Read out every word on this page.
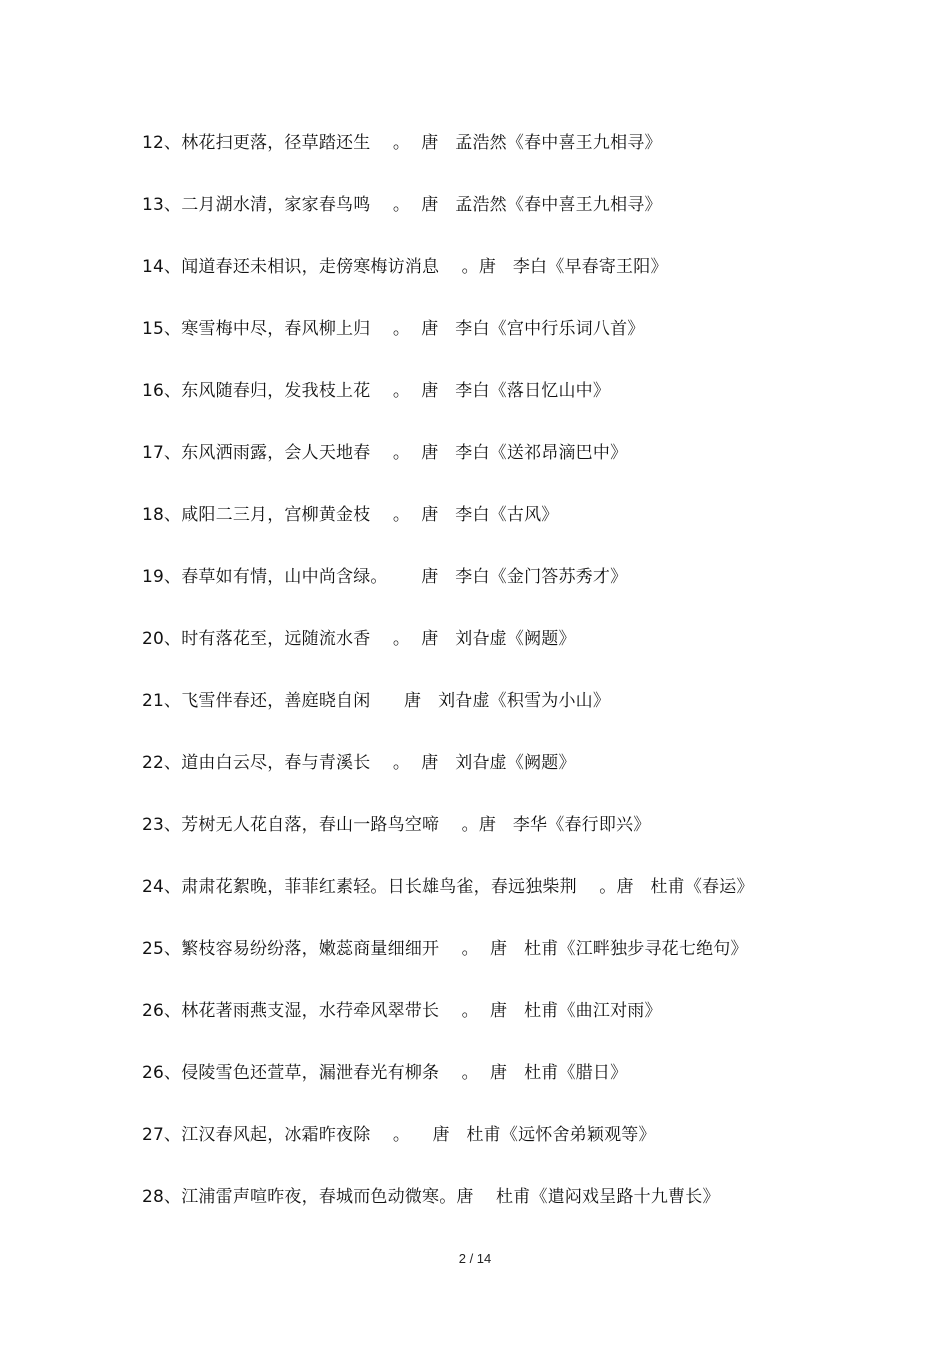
12、林花扫更落，径草踏还生    。  唐   孟浩然《春中喜王九相寻》
13、二月湖水清，家家春鸟鸣    。  唐   孟浩然《春中喜王九相寻》
14、闻道春还未相识，走傍寒梅访消息    。唐   李白《早春寄王阳》
15、寒雪梅中尽，春风柳上归    。  唐   李白《宫中行乐词八首》
16、东风随春归，发我枝上花    。  唐   李白《落日忆山中》
17、东风洒雨露，会人天地春    。  唐   李白《送祁昂滴巴中》
18、咸阳二三月，宫柳黄金枝    。  唐   李白《古风》
19、春草如有情，山中尚含绿。      唐   李白《金门答苏秀才》
20、时有落花至，远随流水香    。  唐   刘旮虚《阙题》
21、飞雪伴春还，善庭晓自闲      唐   刘旮虚《积雪为小山》
22、道由白云尽，春与青溪长    。  唐   刘旮虚《阙题》
23、芳树无人花自落，春山一路鸟空啼    。唐   李华《春行即兴》
24、肃肃花絮晚，菲菲红素轻。日长雄鸟雀，春远独柴荆    。唐   杜甫《春运》
25、繁枝容易纷纷落，嫩蕊商量细细开    。  唐   杜甫《江畔独步寻花七绝句》
26、林花著雨燕支湿，水荇牵风翠带长    。  唐   杜甫《曲江对雨》
26、侵陵雪色还萱草，漏泄春光有柳条    。  唐   杜甫《腊日》
27、江汉春风起，冰霜昨夜除    。    唐   杜甫《远怀舍弟颖观等》
28、江浦雷声喧昨夜，春城而色动微寒。唐    杜甫《遣闷戏呈路十九曹长》
2 / 14
